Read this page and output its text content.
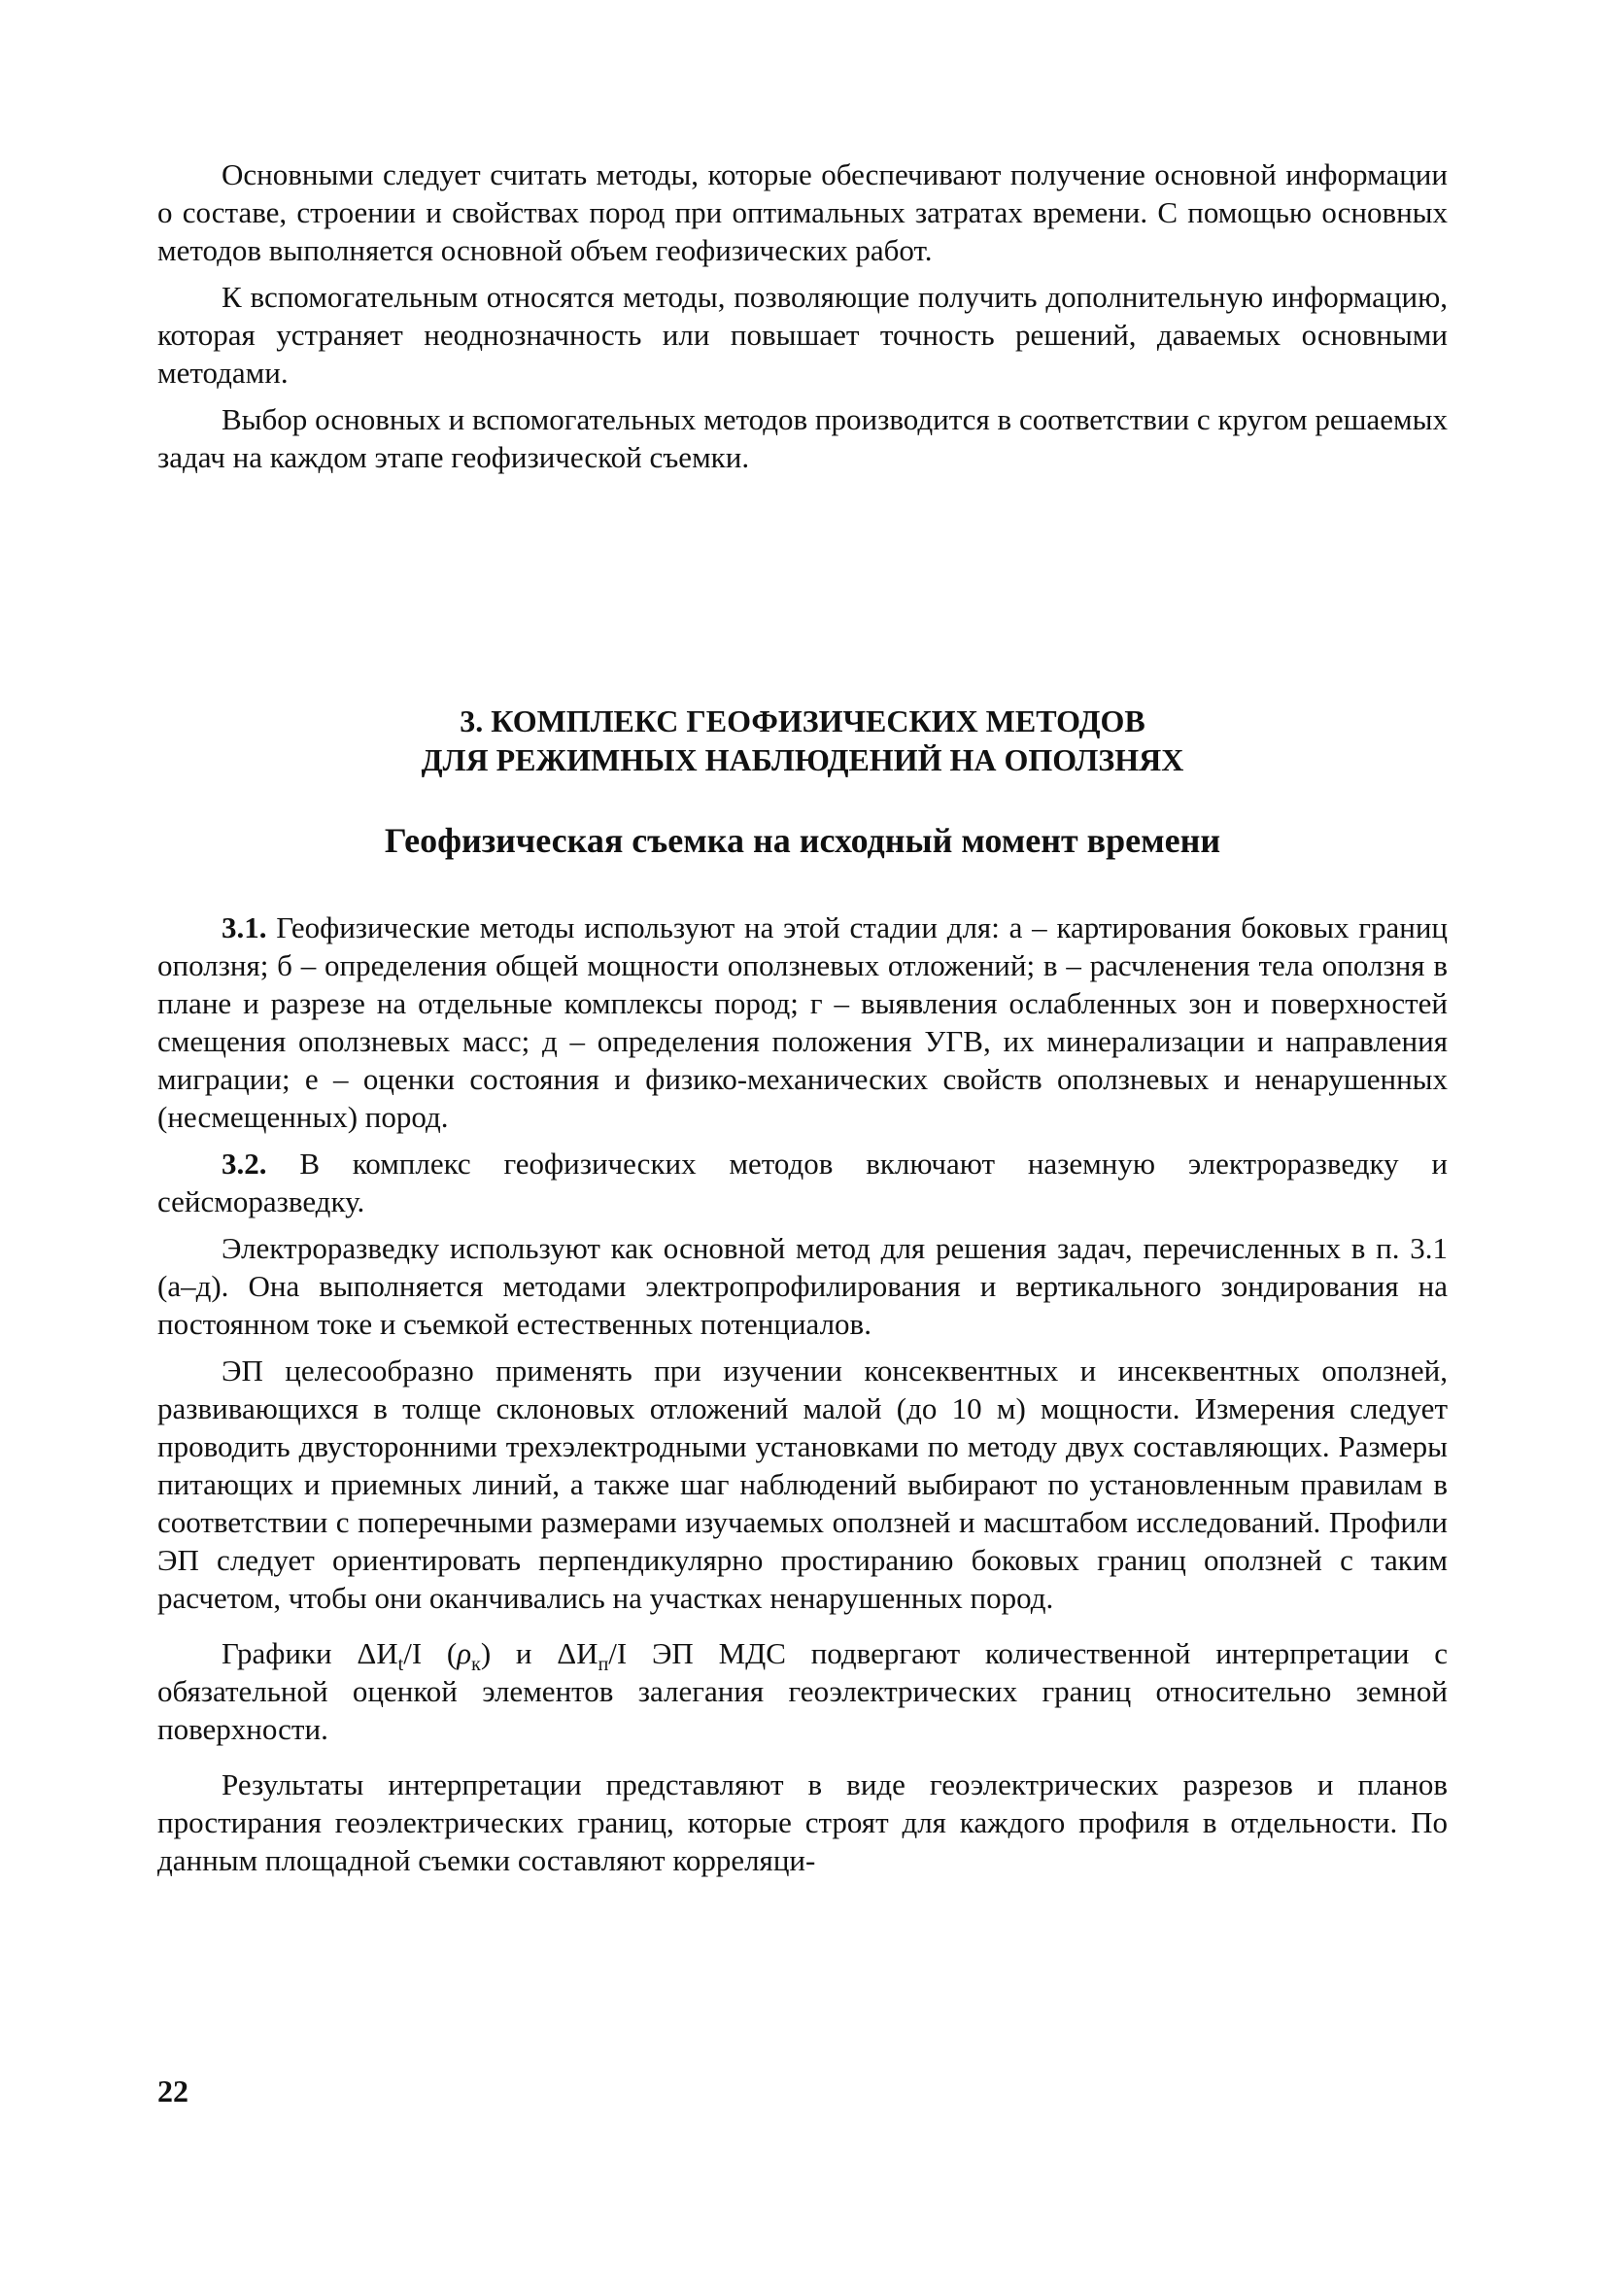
Основными следует считать методы, которые обеспечивают получение основной информации о составе, строении и свойствах пород при оптимальных затратах времени. С помощью основных методов выполняется основной объем геофизических работ.

К вспомогательным относятся методы, позволяющие получить дополнительную информацию, которая устраняет неоднозначность или повышает точность решений, даваемых основными методами.

Выбор основных и вспомогательных методов производится в соответствии с кругом решаемых задач на каждом этапе геофизической съемки.

3. КОМПЛЕКС ГЕОФИЗИЧЕСКИХ МЕТОДОВ
ДЛЯ РЕЖИМНЫХ НАБЛЮДЕНИЙ НА ОПОЛЗНЯХ
Геофизическая съемка на исходный момент времени

3.1. Геофизические методы используют на этой стадии для: а – картирования боковых границ оползня; б – определения общей мощности оползневых отложений; в – расчленения тела оползня в плане и разрезе на отдельные комплексы пород; г – выявления ослабленных зон и поверхностей смещения оползневых масс; д – определения положения УГВ, их минерализации и направления миграции; е – оценки состояния и физико-механических свойств оползневых и ненарушенных (несмещенных) пород.

3.2. В комплекс геофизических методов включают наземную электроразведку и сейсморазведку.

Электроразведку используют как основной метод для решения задач, перечисленных в п. 3.1 (а–д). Она выполняется методами электропрофилирования и вертикального зондирования на постоянном токе и съемкой естественных потенциалов.

ЭП целесообразно применять при изучении консеквентных и инсеквентных оползней, развивающихся в толще склоновых отложений малой (до 10 м) мощности. Измерения следует проводить двусторонними трехэлектродными установками по методу двух составляющих. Размеры питающих и приемных линий, а также шаг наблюдений выбирают по установленным правилам в соответствии с поперечными размерами изучаемых оползней и масштабом исследований. Профили ЭП следует ориентировать перпендикулярно простиранию боковых границ оползней с таким расчетом, чтобы они оканчивались на участках ненарушенных пород.

Графики $\Delta И_t/I$ $(\rho_к)$ и $\Delta И_п/I$ ЭП МДС подвергают количественной интерпретации с обязательной оценкой элементов залегания геоэлектрических границ относительно земной поверхности.

Результаты интерпретации представляют в виде геоэлектрических разрезов и планов простирания геоэлектрических границ, которые строят для каждого профиля в отдельности. По данным площадной съемки составляют корреляци-

22
